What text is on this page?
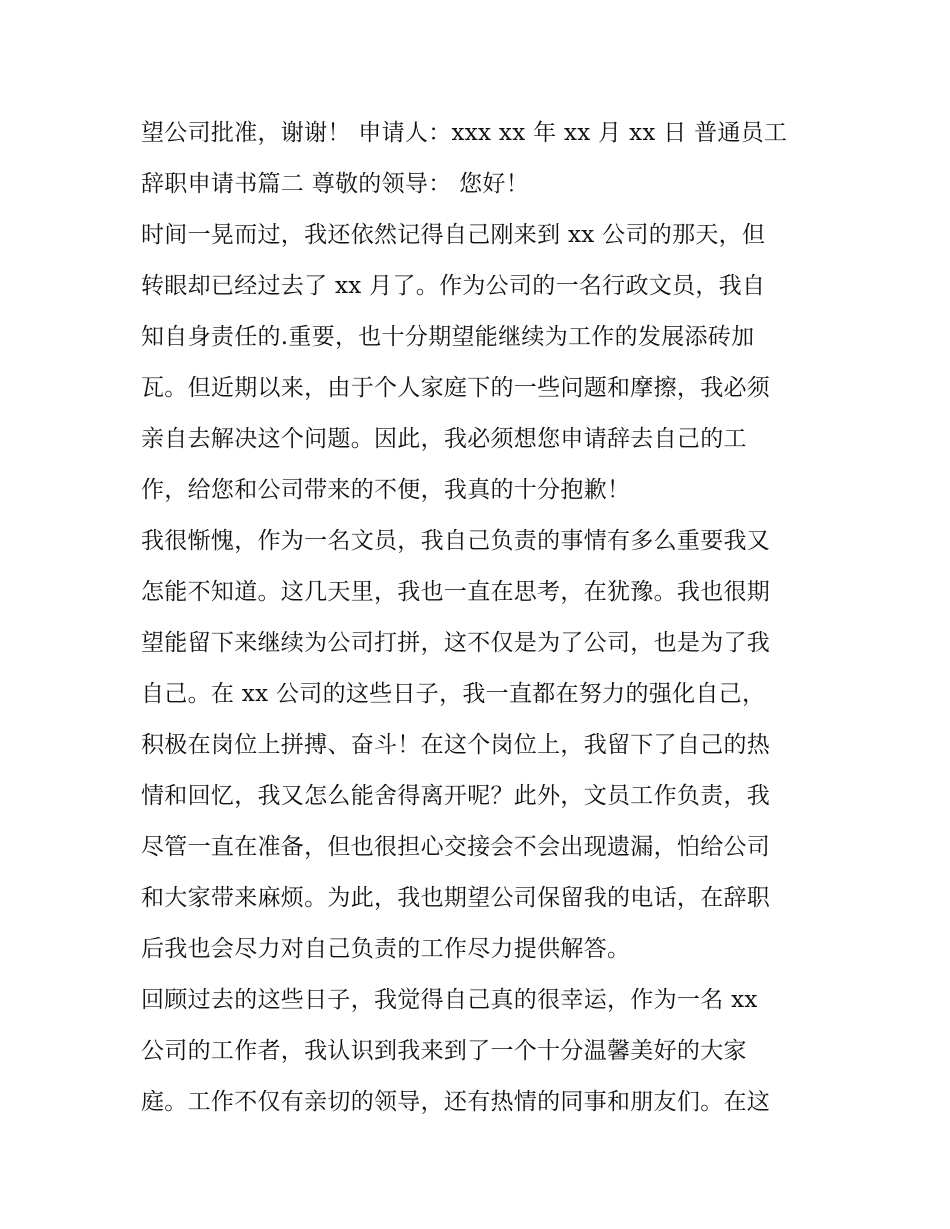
望公司批准，谢谢！ 申请人：xxx xx 年 xx 月 xx 日 普通员工
辞职申请书篇二 尊敬的领导： 您好！
时间一晃而过，我还依然记得自己刚来到 xx 公司的那天，但
转眼却已经过去了 xx 月了。作为公司的一名行政文员，我自
知自身责任的.重要，也十分期望能继续为工作的发展添砖加
瓦。但近期以来，由于个人家庭下的一些问题和摩擦，我必须
亲自去解决这个问题。因此，我必须想您申请辞去自己的工
作，给您和公司带来的不便，我真的十分抱歉！
我很惭愧，作为一名文员，我自己负责的事情有多么重要我又
怎能不知道。这几天里，我也一直在思考，在犹豫。我也很期
望能留下来继续为公司打拼，这不仅是为了公司，也是为了我
自己。在 xx 公司的这些日子，我一直都在努力的强化自己，
积极在岗位上拼搏、奋斗！在这个岗位上，我留下了自己的热
情和回忆，我又怎么能舍得离开呢？此外，文员工作负责，我
尽管一直在准备，但也很担心交接会不会出现遗漏，怕给公司
和大家带来麻烦。为此，我也期望公司保留我的电话，在辞职
后我也会尽力对自己负责的工作尽力提供解答。
回顾过去的这些日子，我觉得自己真的很幸运，作为一名 xx
公司的工作者，我认识到我来到了一个十分温馨美好的大家
庭。工作不仅有亲切的领导，还有热情的同事和朋友们。在这
